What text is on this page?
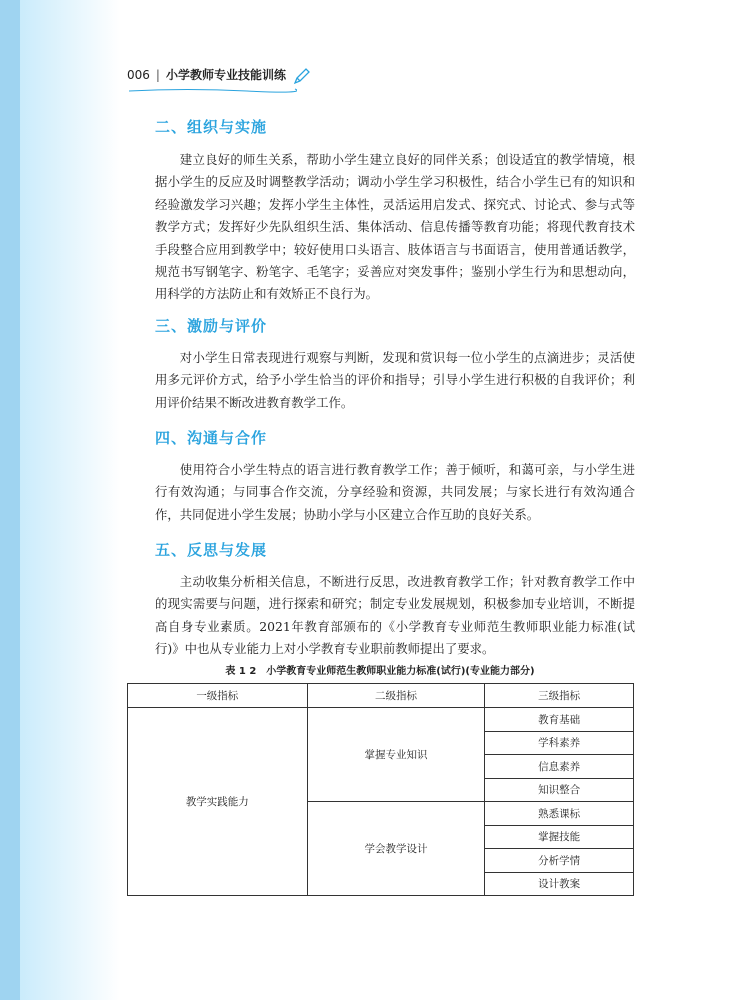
006 | 小学教师专业技能训练
二、组织与实施

建立良好的师生关系，帮助小学生建立良好的同伴关系；创设适宜的教学情境，根据小学生的反应及时调整教学活动；调动小学生学习积极性，结合小学生已有的知识和经验激发学习兴趣；发挥小学生主体性，灵活运用启发式、探究式、讨论式、参与式等教学方式；发挥好少先队组织生活、集体活动、信息传播等教育功能；将现代教育技术手段整合应用到教学中；较好使用口头语言、肢体语言与书面语言，使用普通话教学，规范书写钢笔字、粉笔字、毛笔字；妥善应对突发事件；鉴别小学生行为和思想动向，用科学的方法防止和有效矫正不良行为。

三、激励与评价

对小学生日常表现进行观察与判断，发现和赏识每一位小学生的点滴进步；灵活使用多元评价方式，给予小学生恰当的评价和指导；引导小学生进行积极的自我评价；利用评价结果不断改进教育教学工作。

四、沟通与合作

使用符合小学生特点的语言进行教育教学工作；善于倾听，和蔼可亲，与小学生进行有效沟通；与同事合作交流，分享经验和资源，共同发展；与家长进行有效沟通合作，共同促进小学生发展；协助小学与小区建立合作互助的良好关系。

五、反思与发展

主动收集分析相关信息，不断进行反思，改进教育教学工作；针对教育教学工作中的现实需要与问题，进行探索和研究；制定专业发展规划，积极参加专业培训，不断提高自身专业素质。2021年教育部颁布的《小学教育专业师范生教师职业能力标准(试行)》中也从专业能力上对小学教育专业职前教师提出了要求。

表 1 2　小学教育专业师范生教师职业能力标准(试行)(专业能力部分)
一级指标	二级指标	三级指标
教学实践能力	掌握专业知识	教育基础
		学科素养
		信息素养
		知识整合
	学会教学设计	熟悉课标
		掌握技能
		分析学情
		设计教案
